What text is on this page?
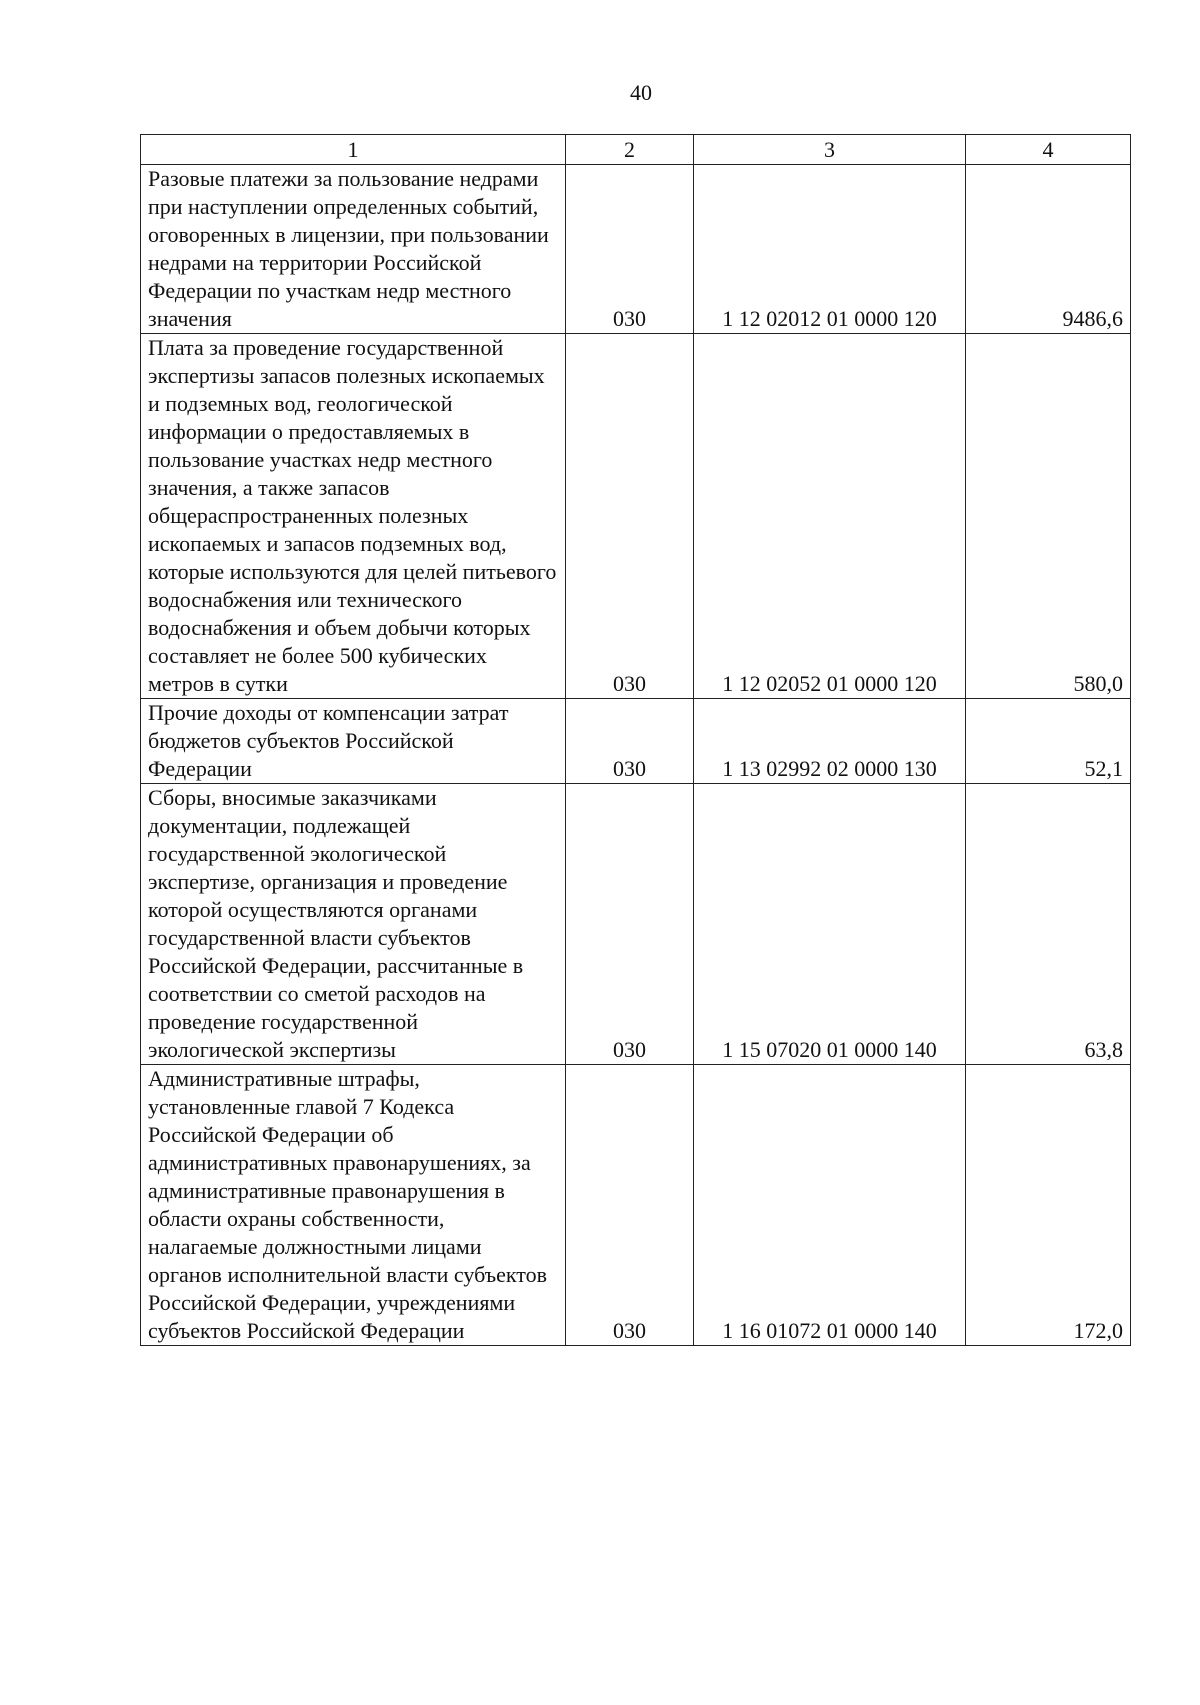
40
1	2	3	4
Разовые платежи за пользование недрами при наступлении определенных событий, оговоренных в лицензии, при пользовании недрами на территории Российской Федерации по участкам недр местного значения	030	1 12 02012 01 0000 120	9486,6
Плата за проведение государственной экспертизы запасов полезных ископаемых и подземных вод, геологической информации о предоставляемых в пользование участках недр местного значения, а также запасов общераспространенных полезных ископаемых и запасов подземных вод, которые используются для целей питьевого водоснабжения или технического водоснабжения и объем добычи которых составляет не более 500 кубических метров в сутки	030	1 12 02052 01 0000 120	580,0
Прочие доходы от компенсации затрат бюджетов субъектов Российской Федерации	030	1 13 02992 02 0000 130	52,1
Сборы, вносимые заказчиками документации, подлежащей государственной экологической экспертизе, организация и проведение которой осуществляются органами государственной власти субъектов Российской Федерации, рассчитанные в соответствии со сметой расходов на проведение государственной экологической экспертизы	030	1 15 07020 01 0000 140	63,8
Административные штрафы, установленные главой 7 Кодекса Российской Федерации об административных правонарушениях, за административные правонарушения в области охраны собственности, налагаемые должностными лицами органов исполнительной власти субъектов Российской Федерации, учреждениями субъектов Российской Федерации	030	1 16 01072 01 0000 140	172,0
